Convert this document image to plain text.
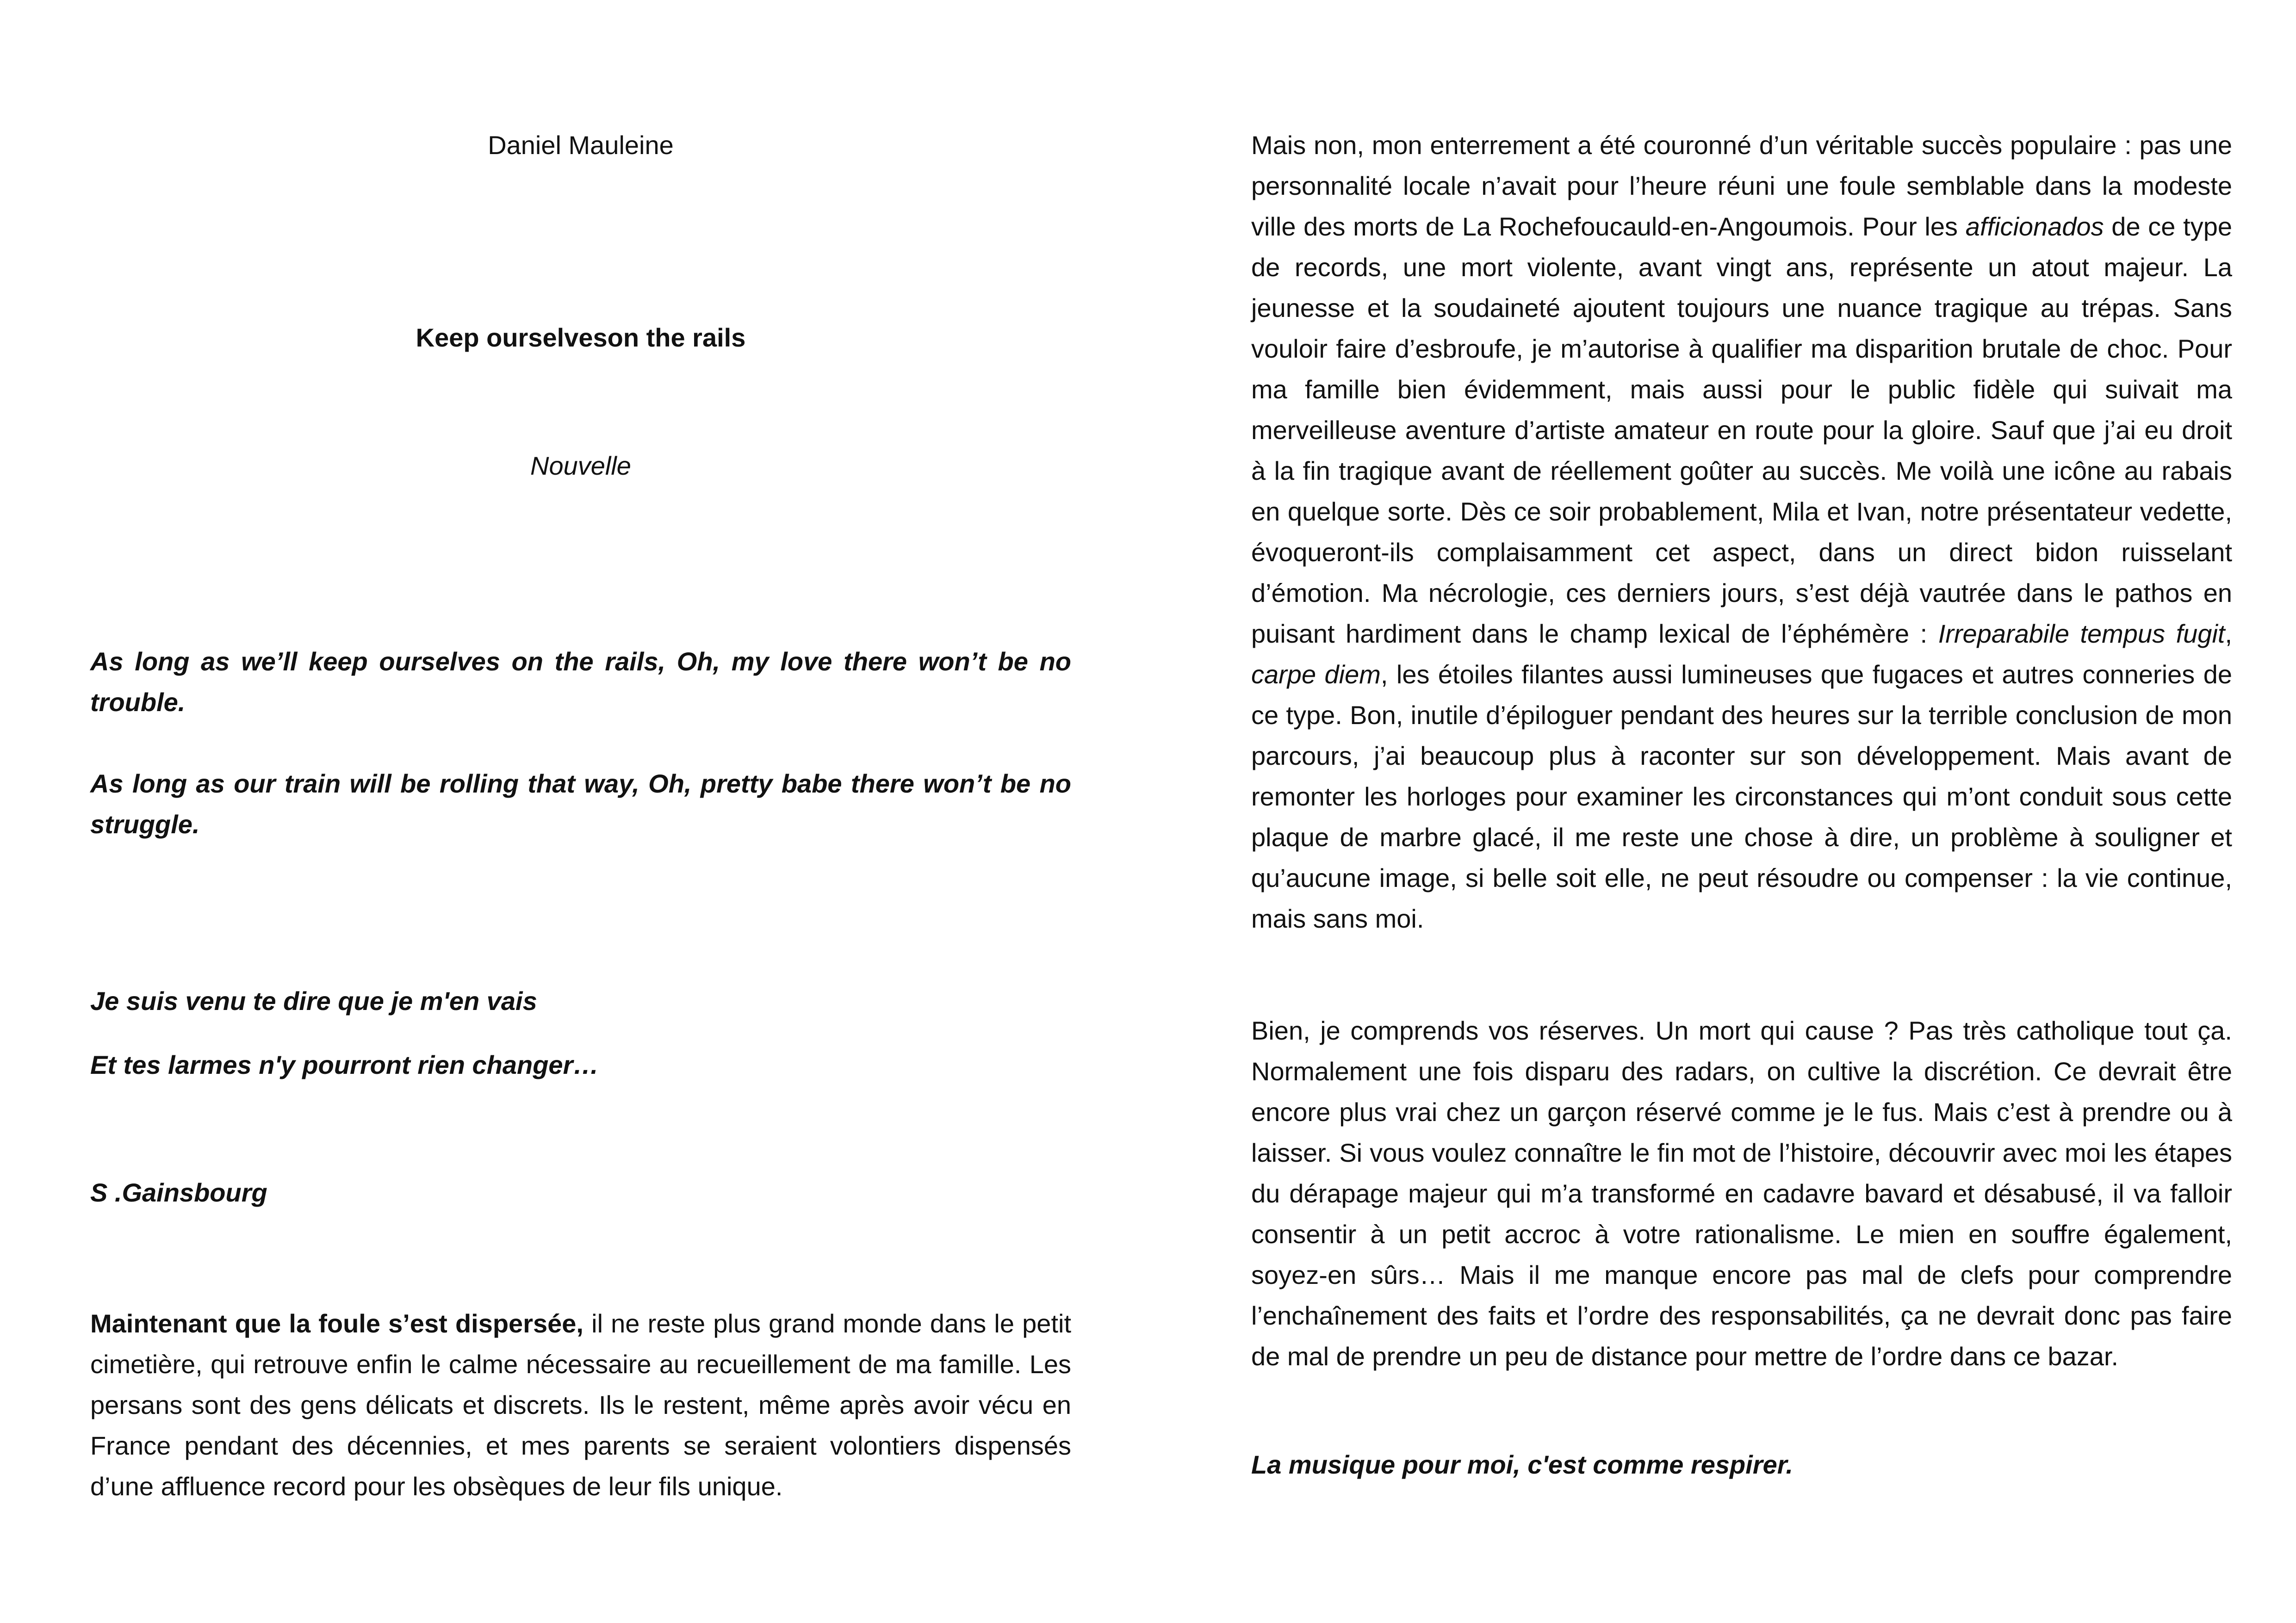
Daniel Mauleine

Keep ourselveson the rails

Nouvelle

As long as we’ll keep ourselves on the rails, Oh, my love there won’t be no trouble.

As long as our train will be rolling that way, Oh, pretty babe there won’t be no struggle.

Je suis venu te dire que je m'en vais

Et tes larmes n'y pourront rien changer…

S .Gainsbourg

Maintenant que la foule s’est dispersée, il ne reste plus grand monde dans le petit cimetière, qui retrouve enfin le calme nécessaire au recueillement de ma famille. Les persans sont des gens délicats et discrets. Ils le restent, même après avoir vécu en France pendant des décennies, et mes parents se seraient volontiers dispensés d’une affluence record pour les obsèques de leur fils unique.

Mais non, mon enterrement a été couronné d’un véritable succès populaire : pas une personnalité locale n’avait pour l’heure réuni une foule semblable dans la modeste ville des morts de La Rochefoucauld-en-Angoumois. Pour les afficionados de ce type de records, une mort violente, avant vingt ans, représente un atout majeur. La jeunesse et la soudaineté ajoutent toujours une nuance tragique au trépas. Sans vouloir faire d’esbroufe, je m’autorise à qualifier ma disparition brutale de choc. Pour ma famille bien évidemment, mais aussi pour le public fidèle qui suivait ma merveilleuse aventure d’artiste amateur en route pour la gloire. Sauf que j’ai eu droit à la fin tragique avant de réellement goûter au succès. Me voilà une icône au rabais en quelque sorte. Dès ce soir probablement, Mila et Ivan, notre présentateur vedette, évoqueront-ils complaisamment cet aspect, dans un direct bidon ruisselant d’émotion. Ma nécrologie, ces derniers jours, s’est déjà vautrée dans le pathos en puisant hardiment dans le champ lexical de l’éphémère : Irreparabile tempus fugit, carpe diem, les étoiles filantes aussi lumineuses que fugaces et autres conneries de ce type. Bon, inutile d’épiloguer pendant des heures sur la terrible conclusion de mon parcours, j’ai beaucoup plus à raconter sur son développement. Mais avant de remonter les horloges pour examiner les circonstances qui m’ont conduit sous cette plaque de marbre glacé, il me reste une chose à dire, un problème à souligner et qu’aucune image, si belle soit elle, ne peut résoudre ou compenser : la vie continue, mais sans moi.

Bien, je comprends vos réserves. Un mort qui cause ? Pas très catholique tout ça. Normalement une fois disparu des radars, on cultive la discrétion. Ce devrait être encore plus vrai chez un garçon réservé comme je le fus. Mais c’est à prendre ou à laisser. Si vous voulez connaître le fin mot de l’histoire, découvrir avec moi les étapes du dérapage majeur qui m’a transformé en cadavre bavard et désabusé, il va falloir consentir à un petit accroc à votre rationalisme. Le mien en souffre également, soyez-en sûrs… Mais il me manque encore pas mal de clefs pour comprendre l’enchaînement des faits et l’ordre des responsabilités, ça ne devrait donc pas faire de mal de prendre un peu de distance pour mettre de l’ordre dans ce bazar.

La musique pour moi, c'est comme respirer.
